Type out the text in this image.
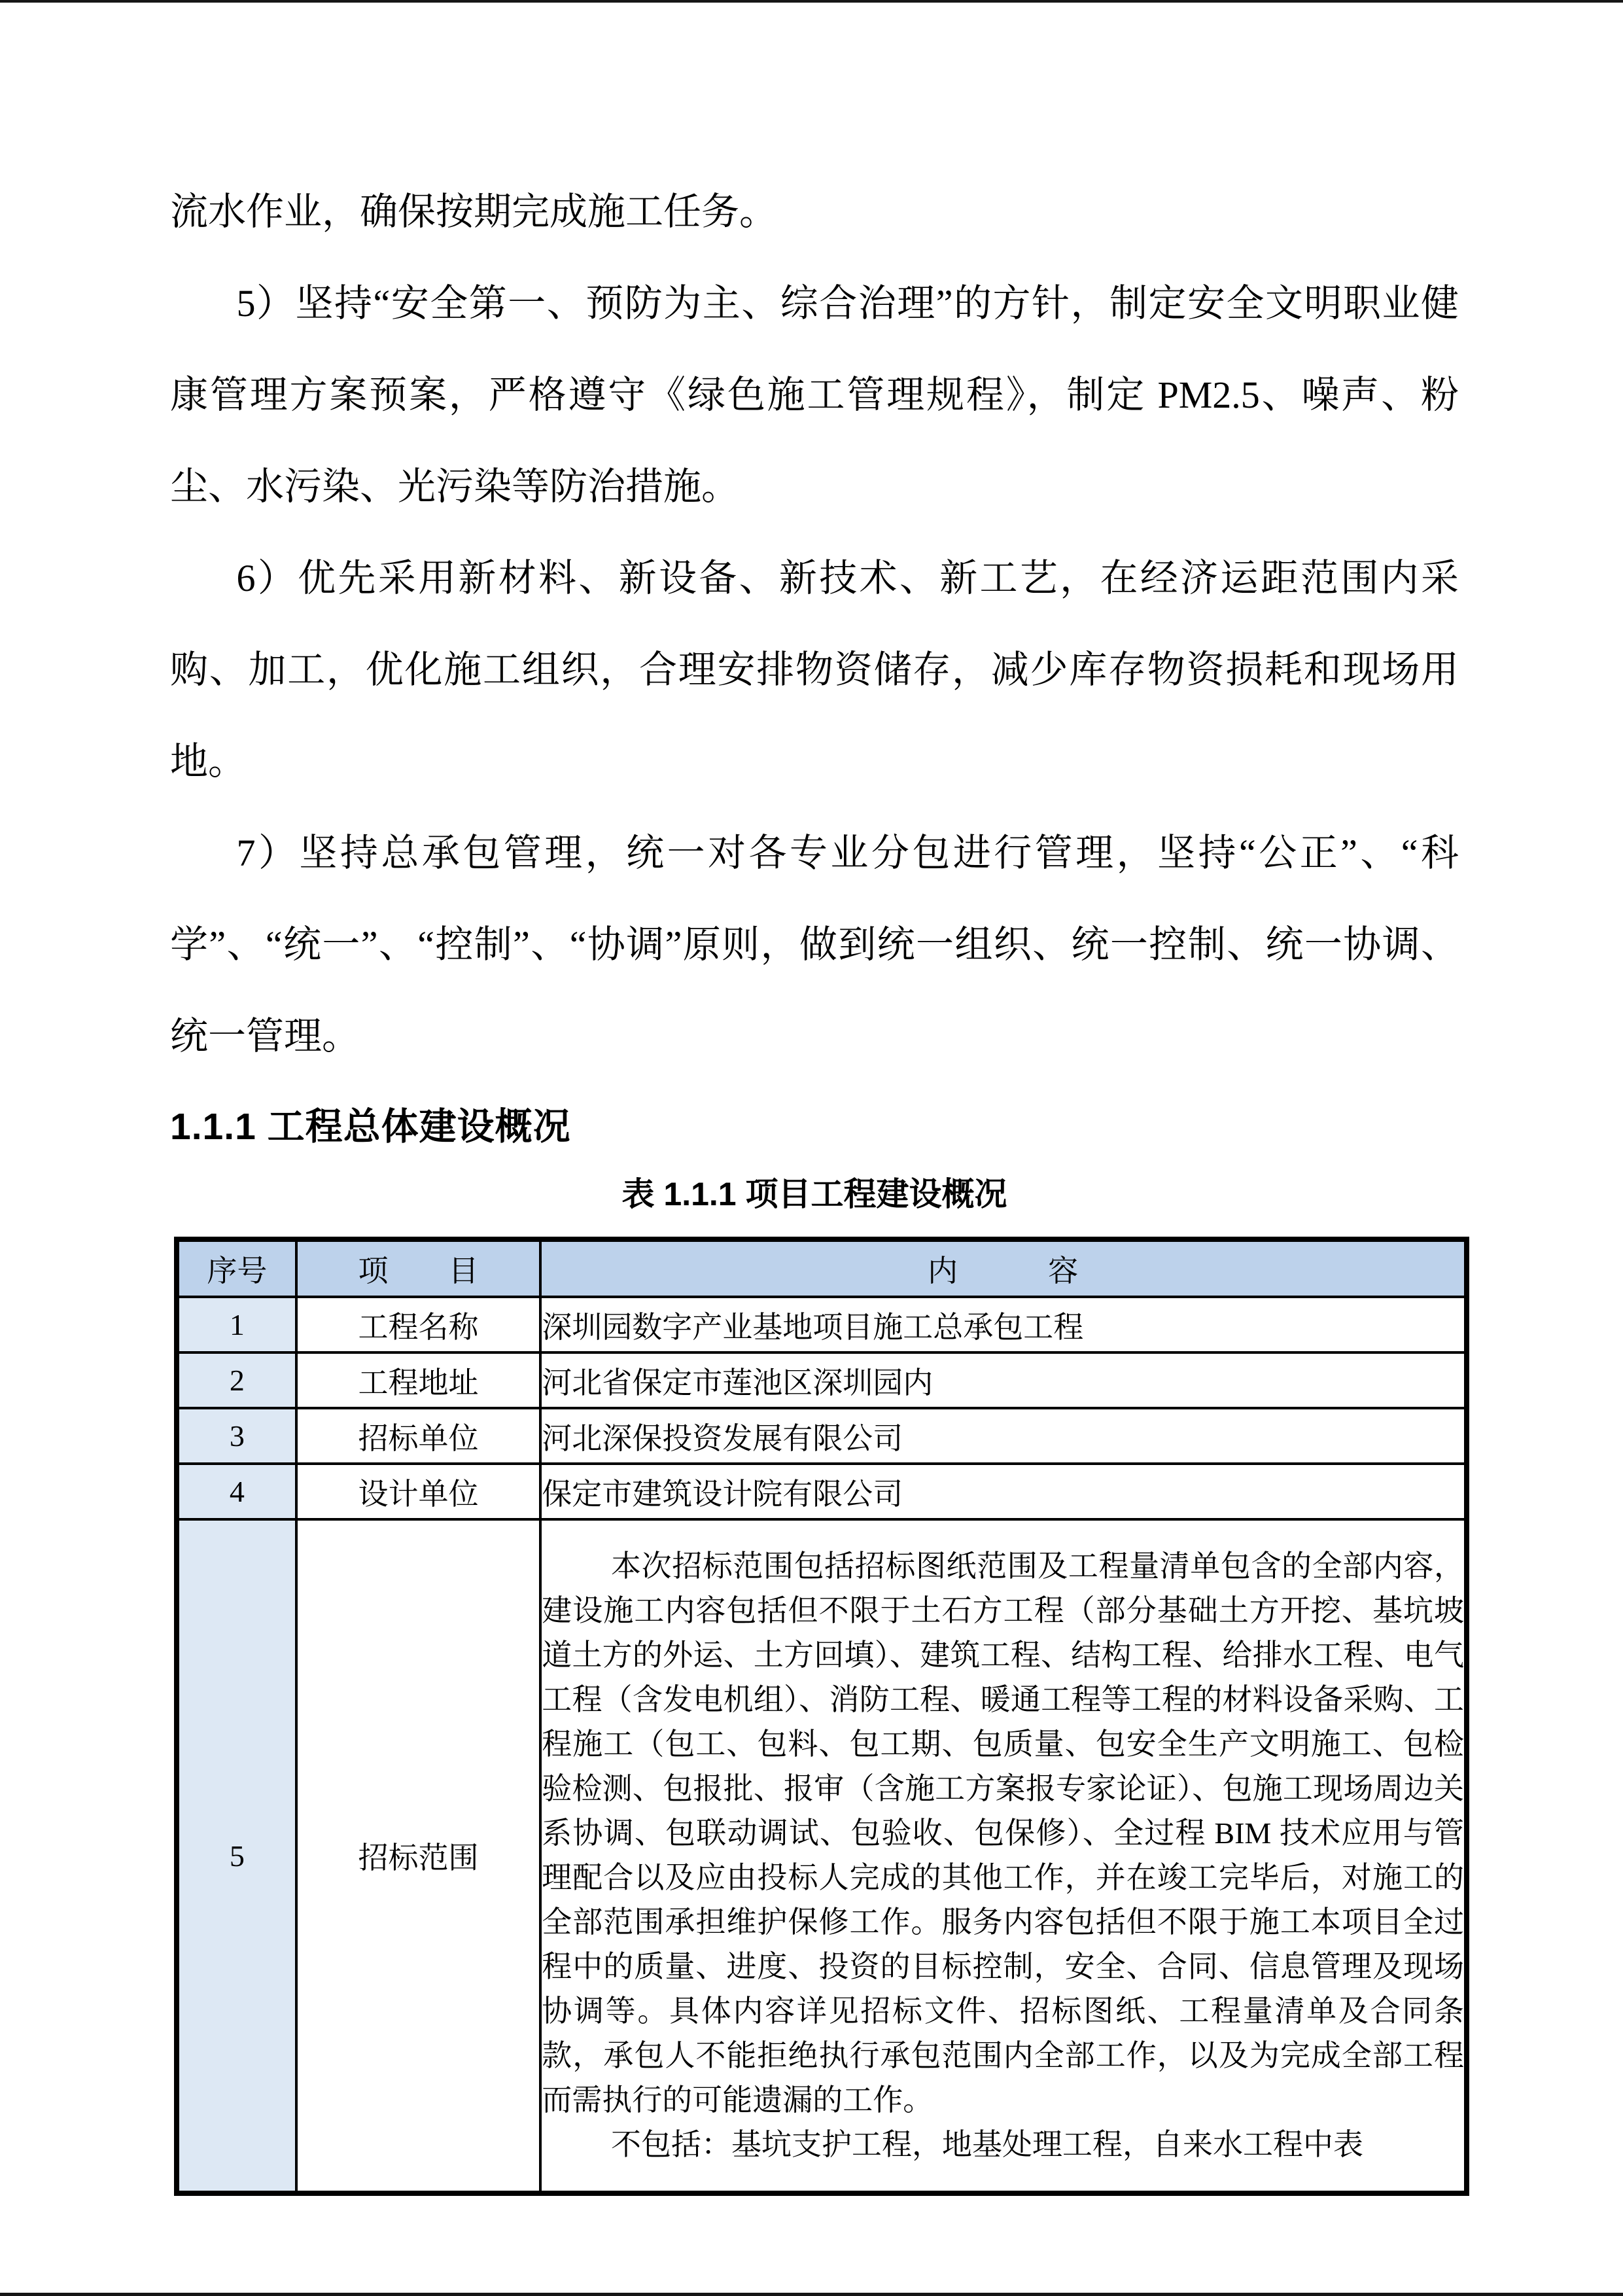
流水作业，确保按期完成施工任务。

5）坚持“安全第一、预防为主、综合治理”的方针，制定安全文明职业健康管理方案预案，严格遵守《绿色施工管理规程》，制定 PM2.5、噪声、粉尘、水污染、光污染等防治措施。

6）优先采用新材料、新设备、新技术、新工艺，在经济运距范围内采购、加工，优化施工组织，合理安排物资储存，减少库存物资损耗和现场用地。

7）坚持总承包管理，统一对各专业分包进行管理，坚持“公正”、“科学”、“统一”、“控制”、“协调”原则，做到统一组织、统一控制、统一协调、统一管理。

1.1.1 工程总体建设概况
表 1.1.1 项目工程建设概况
序号	项　　目	内　　　容
1	工程名称	深圳园数字产业基地项目施工总承包工程
2	工程地址	河北省保定市莲池区深圳园内
3	招标单位	河北深保投资发展有限公司
4	设计单位	保定市建筑设计院有限公司
5	招标范围	本次招标范围包括招标图纸范围及工程量清单包含的全部内容，建设施工内容包括但不限于土石方工程（部分基础土方开挖、基坑坡道土方的外运、土方回填）、建筑工程、结构工程、给排水工程、电气工程（含发电机组）、消防工程、暖通工程等工程的材料设备采购、工程施工（包工、包料、包工期、包质量、包安全生产文明施工、包检验检测、包报批、报审（含施工方案报专家论证）、包施工现场周边关系协调、包联动调试、包验收、包保修）、全过程 BIM 技术应用与管理配合以及应由投标人完成的其他工作，并在竣工完毕后，对施工的全部范围承担维护保修工作。服务内容包括但不限于施工本项目全过程中的质量、进度、投资的目标控制，安全、合同、信息管理及现场协调等。具体内容详见招标文件、招标图纸、工程量清单及合同条款，承包人不能拒绝执行承包范围内全部工作，以及为完成全部工程而需执行的可能遗漏的工作。

不包括：基坑支护工程，地基处理工程，自来水工程中表
